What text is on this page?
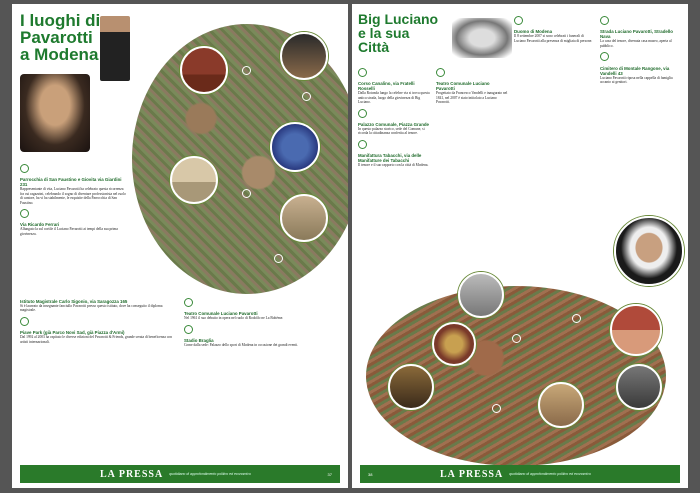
I luoghi di
Pavarotti
a Modena
Parrocchia di San Faustino e Giovita via Giardini 231

Rappresentante di vita, Luciano Pavarotti ha celebrato questa ricorrenza fra cui ragazzini, celebrando il sogno di diventare professionista nel ruolo di cantore, ha vi ha stabilmente, le esquisite della Parrocchia di San Faustino.

Via Ricardo Ferrari

Allungato la sul cortile il Luciano Pavarotti ai tempi della sua prima giovinezza.

Istituto Magistrale Carlo Sigonio, via Saragozza 165

Si è laureato da insegnante fanciullo Pavarotti presso questo istituto, dove ha conseguito il diploma magistrale.

Piave Park (già Parco Novi Sad, già Piazza d'Armi)

Dal 1992 al 2003 ha ospitato le diverse edizioni del Pavarotti & Friends, grande serata di beneficenza con artisti internazionali.

Teatro Comunale Luciano Pavarotti

Nel 1961 il suo debutto in opera nel ruolo di Rodolfo ne La Bohème.

Stadio Braglia

Come dalla sede: Palazzo dello sport di Modena in occasione dei grandi eventi.

LA PRESSA quotidiano di approfondimento politico ed economico	37
Big Luciano
e la sua
Città
Corso Canalino, via Fratelli Rosselli

Dalla Rotonda lungo la celebre via si trova questa antica strada, luogo della giovinezza di Big Luciano.

Palazzo Comunale, Piazza Grande

In questo palazzo storico, sede del Comune, si ricorda la cittadinanza conferita al tenore.

Manifattura Tabacchi, via delle Manifatture dei Tabacchi

Il tenore e il suo rapporto con la città di Modena.

Teatro Comunale Luciano Pavarotti

Progettato da Francesco Vandelli e inaugurato nel 1841, nel 2007 è stato intitolato a Luciano Pavarotti.

Duomo di Modena

Il 8 settembre 2007 si sono celebrati i funerali di Luciano Pavarotti alla presenza di migliaia di persone.

Strada Luciano Pavarotti, Stradello Nava

La casa del tenore, divenuta casa museo, aperta al pubblico.

Cimitero di Montale Rangone, via Vandelli 43

Luciano Pavarotti riposa nella cappella di famiglia accanto ai genitori.

38	LA PRESSA quotidiano di approfondimento politico ed economico
